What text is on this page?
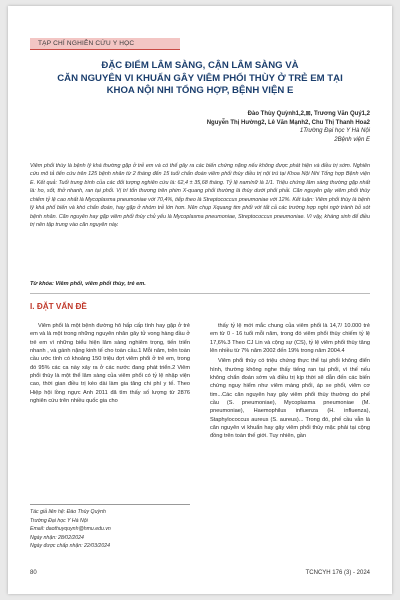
TẠP CHÍ NGHIÊN CỨU Y HỌC
ĐẶC ĐIỂM LÂM SÀNG, CẬN LÂM SÀNG VÀ
CĂN NGUYÊN VI KHUẨN GÂY VIÊM PHỔI THÙY Ở TRẺ EM TẠI
KHOA NỘI NHI TỔNG HỢP, BỆNH VIỆN E
Đào Thùy Quỳnh1,2,⊠, Trương Văn Quý1,2
Nguyễn Thị Hường2, Lê Văn Mạnh2, Chu Thị Thanh Hoa2
1Trường Đại học Y Hà Nội
2Bệnh viện E
Viêm phổi thùy là bệnh lý khá thường gặp ở trẻ em và có thể gây ra các biến chứng nặng nếu không được phát hiện và điều trị sớm. Nghiên cứu mô tả tiến cứu trên 125 bệnh nhân từ 2 tháng đến 15 tuổi chẩn đoán viêm phổi thùy điều trị nội trú tại Khoa Nội Nhi Tổng hợp Bệnh viện E. Kết quả: Tuổi trung bình của các đối tượng nghiên cứu là: 62,4 ± 35,68 tháng. Tỷ lệ nam/nữ là 1/1. Triệu chứng lâm sàng thường gặp nhất là: ho, sốt, thở nhanh, ran tại phổi. Vị trí tổn thương trên phim X-quang phổi thường là thùy dưới phổi phải. Căn nguyên gây viêm phổi thùy chiếm tỷ lệ cao nhất là Mycoplasma pneumoniae với 70,4%, tiếp theo là Streptococcus pneumoniae với 12%. Kết luận: Viêm phổi thùy là bệnh lý khá phổ biến và khó chẩn đoán, hay gặp ở nhóm trẻ lớn hơn. Nên chụp Xquang tim phổi với tất cả các trường hợp nghi ngờ trành bỏ sót bệnh nhân. Căn nguyên hay gặp viêm phổi thùy chủ yếu là Mycoplasma pneumoniae, Streptococcus pneumoniae. Vì vậy, kháng sinh để điều trị nên tập trung vào căn nguyên này.
Từ khóa: Viêm phổi, viêm phổi thùy, trẻ em.
I. ĐẶT VẤN ĐỀ

Viêm phổi là một bệnh đường hô hấp cấp tính hay gặp ở trẻ em và là một trong những nguyên nhân gây tử vong hàng đầu ở trẻ em vì những biểu hiện lâm sàng nghiêm trọng, tiến triển nhanh , và gánh nặng kinh tế cho toàn cầu.1 Mỗi năm, trên toàn cầu ước tính có khoảng 150 triệu đợt viêm phổi ở trẻ em, trong đó 95% các ca này xảy ra ở các nước đang phát triển.2 Viêm phổi thùy là một thể lâm sàng của viêm phổi có tỷ lệ nhập viện cao, thời gian điều trị kéo dài làm gia tăng chi phí y tế. Theo Hiệp hội lồng ngực Anh 2011 đã tìm thấy số lượng từ 2876 nghiên cứu trên nhiều quốc gia cho

thấy tỷ lệ mới mắc chung của viêm phổi là 14,7/ 10.000 trẻ em từ 0 - 16 tuổi mỗi năm, trong đó viêm phổi thùy chiếm tỷ lệ 17,6%.3 Theo CJ Lin và cộng sự (CS), tỷ lệ viêm phổi thùy tăng lên nhiều từ 7% năm 2002 đến 19% trong năm 2004.4

Viêm phổi thùy có triệu chứng thực thể tại phổi không điển hình, thường không nghe thấy tiếng ran tại phổi, vì thế nếu không chẩn đoán sớm và điều trị kịp thời sẽ dẫn đến các biến chứng nguy hiểm như viêm màng phổi, áp xe phổi, viêm cơ tim...Các căn nguyên hay gây viêm phổi thùy thường do phế cầu (S. pneumoniae), Mycoplasma pneumoniae (M. pneumoniae), Haemophilus influenza (H. influenza), Staphylococcus aureus (S. aureus)... Trong đó, phế cầu vẫn là căn nguyên vi khuẩn hay gây viêm phổi thùy mặc phải tại cộng đồng trên toàn thế giới. Tuy nhiên, gần

Tác giả liên hệ: Đào Thùy Quỳnh
Trường Đại học Y Hà Nội
Email: daothuyquynh@hmu.edu.vn
Ngày nhận: 28/02/2024
Ngày được chấp nhận: 22/03/2024
80	TCNCYH 176 (3) - 2024
